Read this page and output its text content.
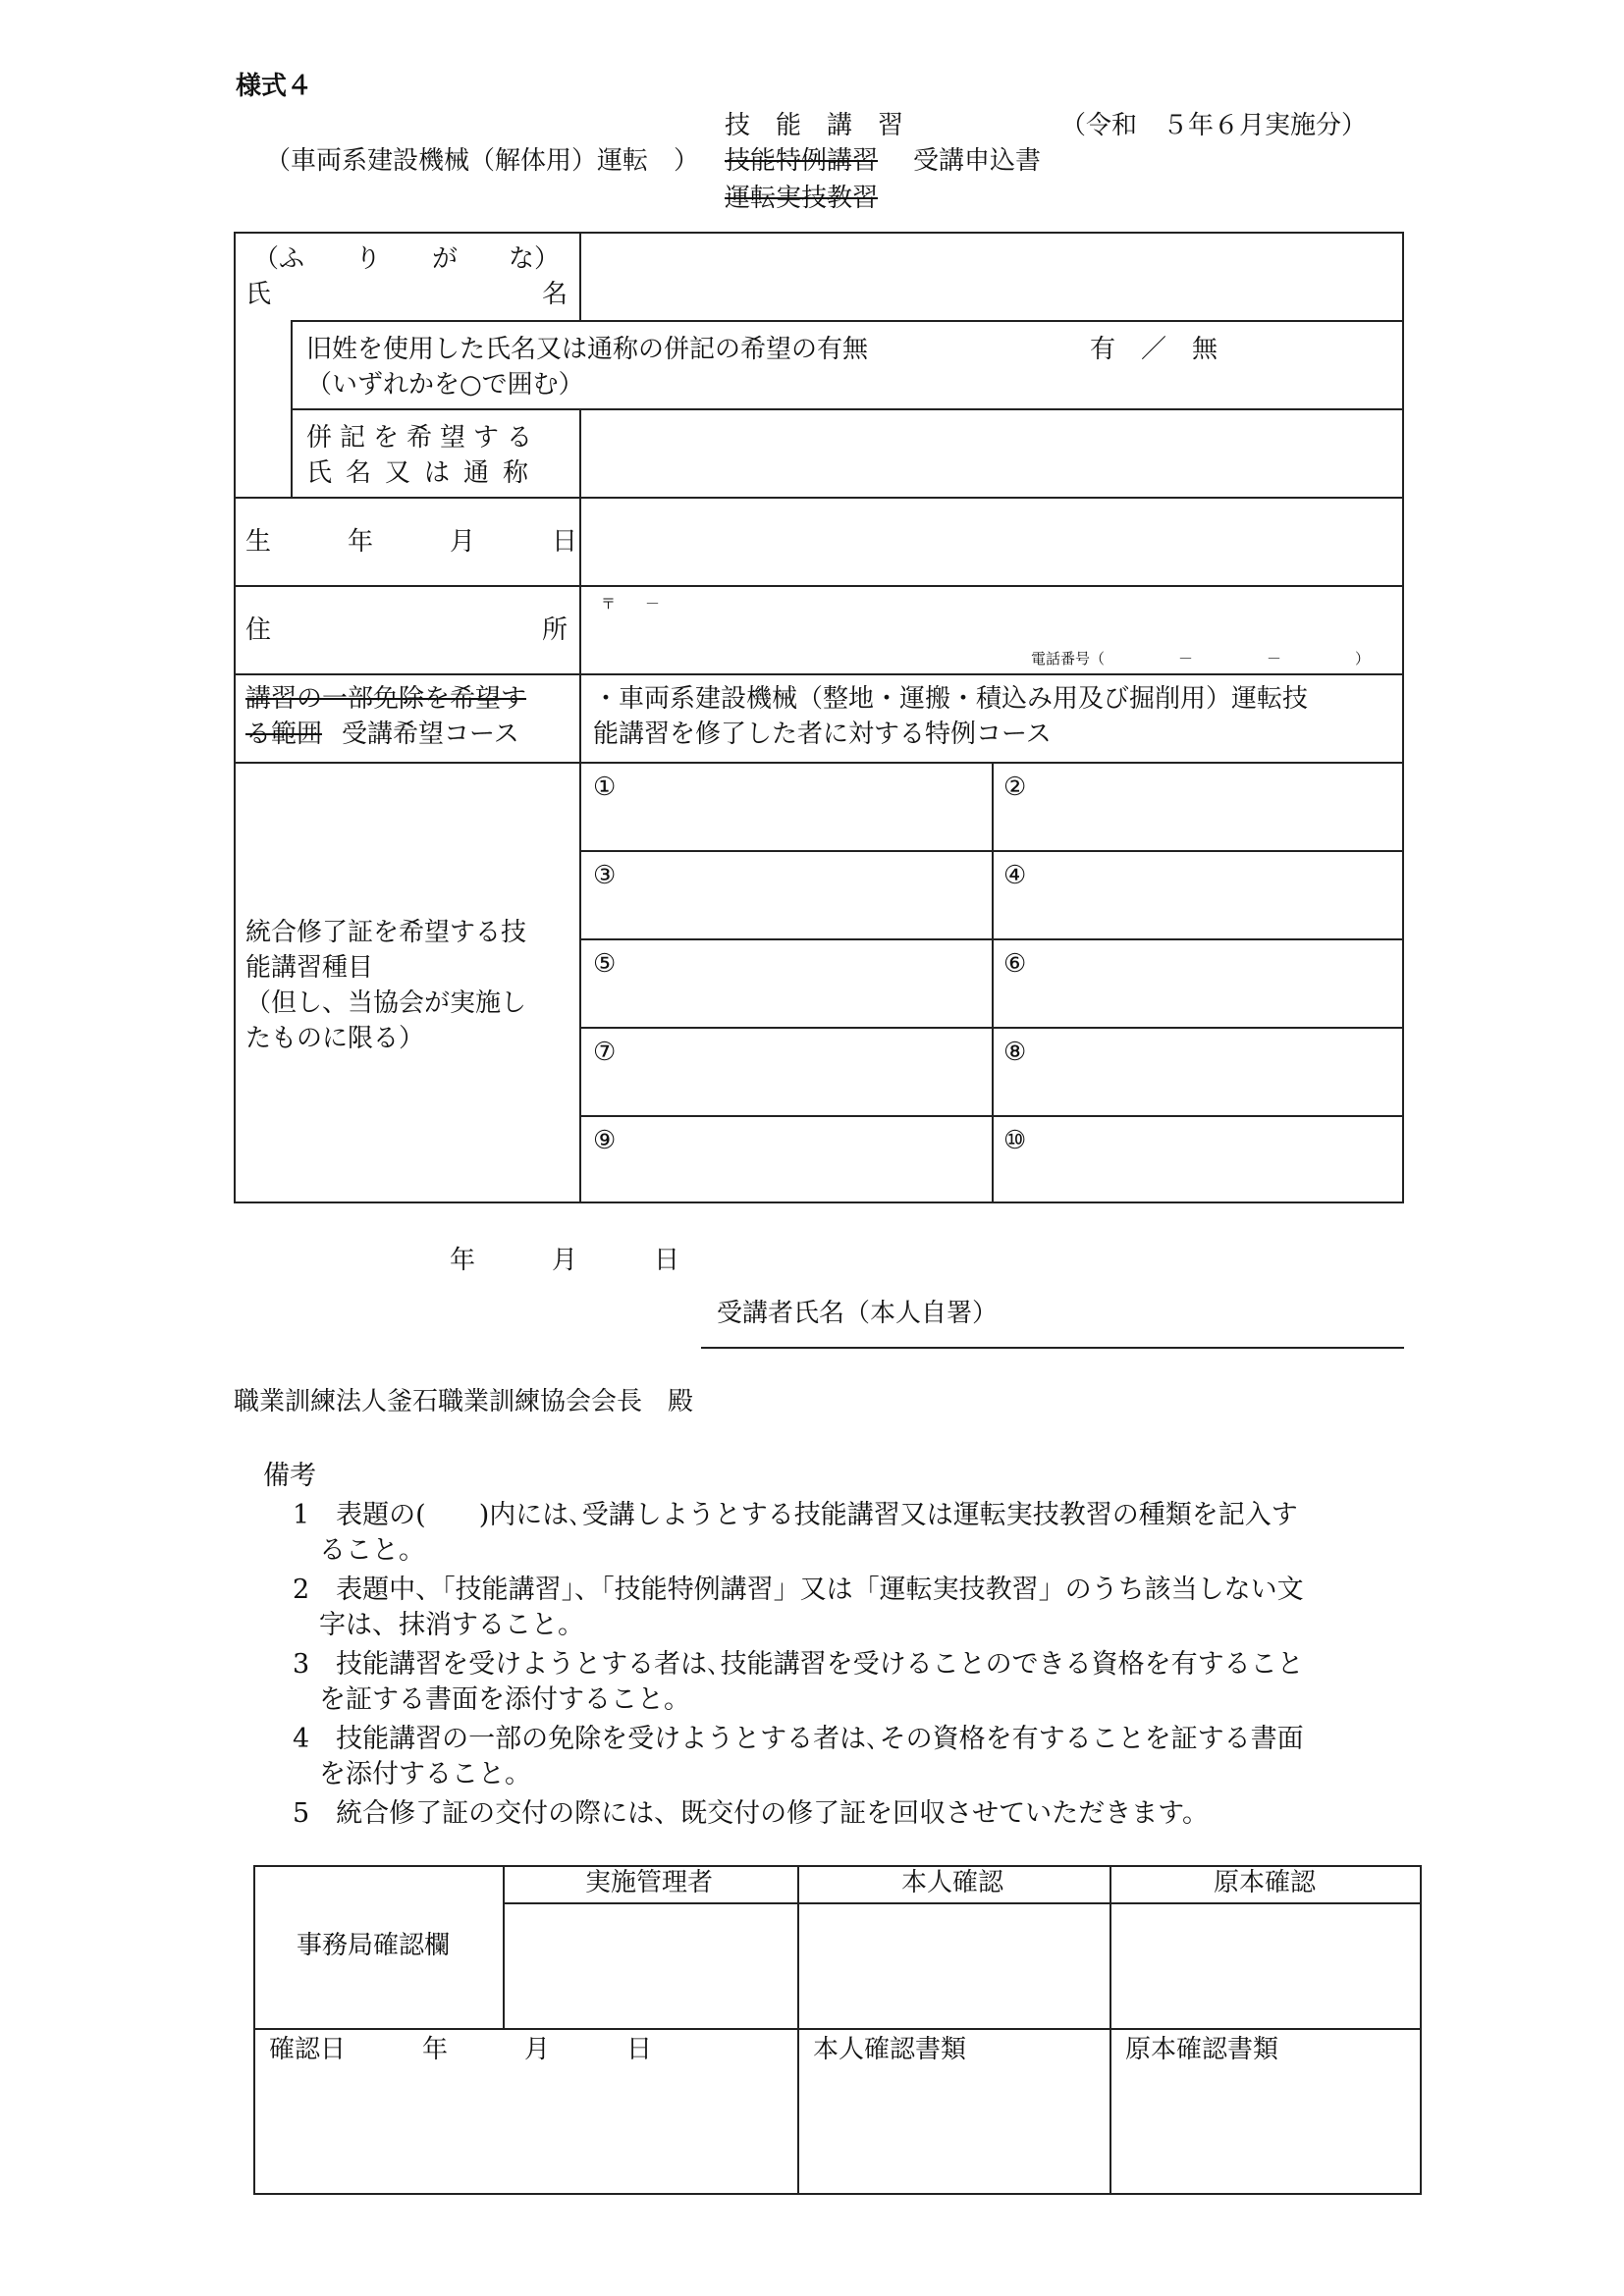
様式４
技　能　講　習	（令和　５年６月実施分）
（車両系建設機械（解体用）運転　） 技能特例講習 受講申込書
運転実技教習
（ふ　　り　　が　　な）
氏	名
旧姓を使用した氏名又は通称の併記の希望の有無
（いずれかを○で囲む）
有　／　無
併記を希望する
氏名又は通称
生　　　年　　　月　　　日
住	所
〒　　－
電話番号（　　　　　－　　　　　－　　　　　）
講習の一部免除を希望す
る範囲 受講希望コース
・車両系建設機械（整地・運搬・積込み用及び掘削用）運転技
能講習を修了した者に対する特例コース
統合修了証を希望する技
能講習種目
（但し、当協会が実施し
たものに限る）
①	②
③	④
⑤	⑥
⑦	⑧
⑨	⑩
年　　　月　　　日
受講者氏名（本人自署）
職業訓練法人釜石職業訓練協会会長　殿
備考
1　表題の(　　)内には､受講しようとする技能講習又は運転実技教習の種類を記入す
　ること。
2　表題中、「技能講習」、「技能特例講習」又は「運転実技教習」のうち該当しない文
　字は、抹消すること。
3　技能講習を受けようとする者は､技能講習を受けることのできる資格を有すること
　を証する書面を添付すること。
4　技能講習の一部の免除を受けようとする者は､その資格を有することを証する書面
　を添付すること。
5　統合修了証の交付の際には、既交付の修了証を回収させていただきます。
事務局確認欄
実施管理者	本人確認	原本確認
確認日　　　年　　　月　　　日	本人確認書類	原本確認書類
